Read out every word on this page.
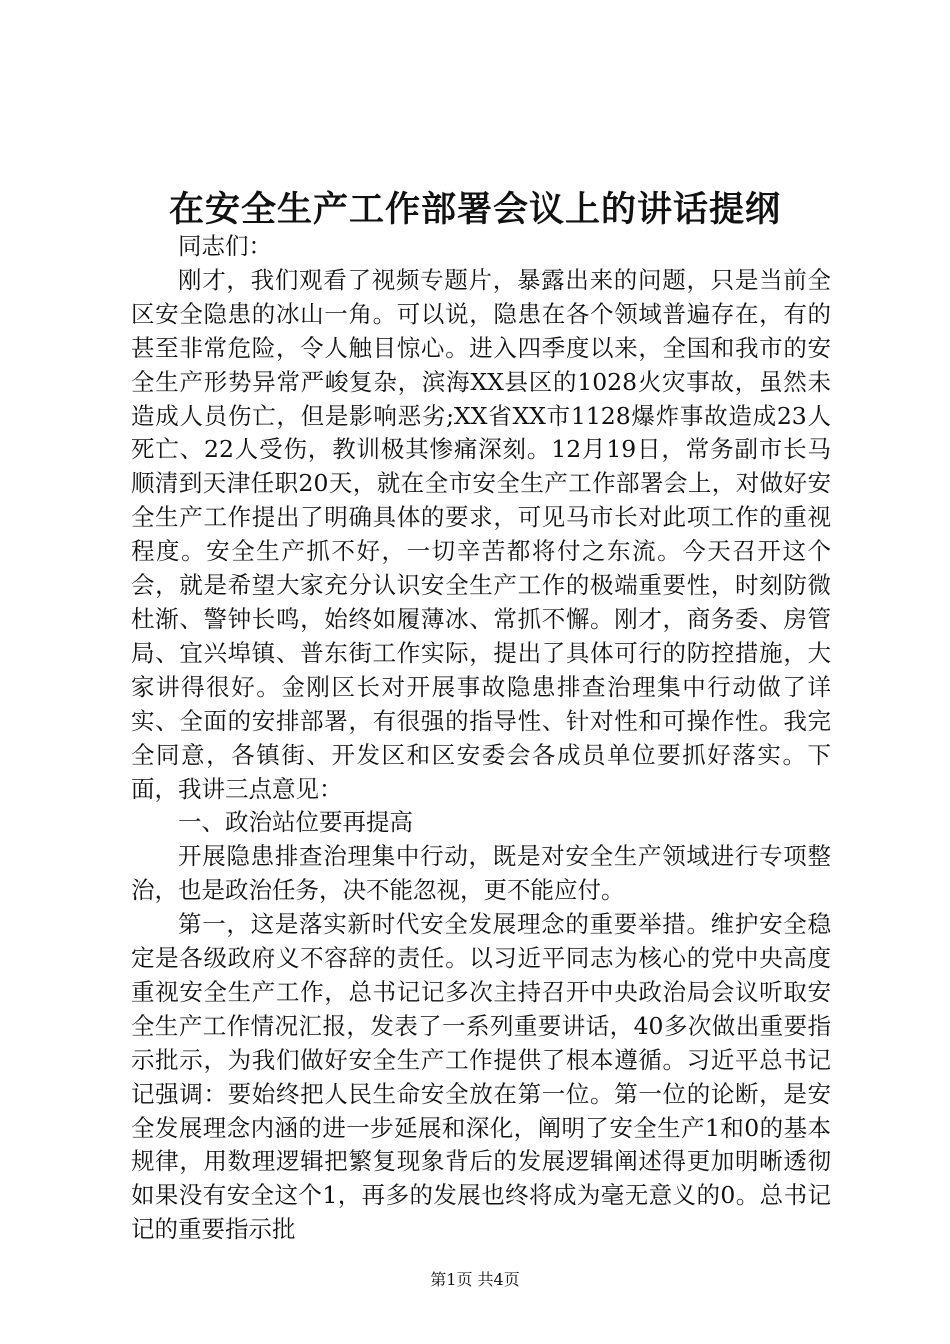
在安全生产工作部署会议上的讲话提纲

同志们：

刚才，我们观看了视频专题片，暴露出来的问题，只是当前全区安全隐患的冰山一角。可以说，隐患在各个领域普遍存在，有的甚至非常危险，令人触目惊心。进入四季度以来，全国和我市的安全生产形势异常严峻复杂，滨海XX县区的1028火灾事故，虽然未造成人员伤亡，但是影响恶劣;XX省XX市1128爆炸事故造成23人死亡、22人受伤，教训极其惨痛深刻。12月19日，常务副市长马顺清到天津任职20天，就在全市安全生产工作部署会上，对做好安全生产工作提出了明确具体的要求，可见马市长对此项工作的重视程度。安全生产抓不好，一切辛苦都将付之东流。今天召开这个会，就是希望大家充分认识安全生产工作的极端重要性，时刻防微杜渐、警钟长鸣，始终如履薄冰、常抓不懈。刚才，商务委、房管局、宜兴埠镇、普东街工作实际，提出了具体可行的防控措施，大家讲得很好。金刚区长对开展事故隐患排查治理集中行动做了详实、全面的安排部署，有很强的指导性、针对性和可操作性。我完全同意，各镇街、开发区和区安委会各成员单位要抓好落实。下面，我讲三点意见：

一、政治站位要再提高

开展隐患排查治理集中行动，既是对安全生产领域进行专项整治，也是政治任务，决不能忽视，更不能应付。

第一，这是落实新时代安全发展理念的重要举措。维护安全稳定是各级政府义不容辞的责任。以习近平同志为核心的党中央高度重视安全生产工作，总书记记多次主持召开中央政治局会议听取安全生产工作情况汇报，发表了一系列重要讲话，40多次做出重要指示批示，为我们做好安全生产工作提供了根本遵循。习近平总书记记强调：要始终把人民生命安全放在第一位。第一位的论断，是安全发展理念内涵的进一步延展和深化，阐明了安全生产1和0的基本规律，用数理逻辑把繁复现象背后的发展逻辑阐述得更加明晰透彻如果没有安全这个1，再多的发展也终将成为毫无意义的0。总书记记的重要指示批

第1页 共4页
